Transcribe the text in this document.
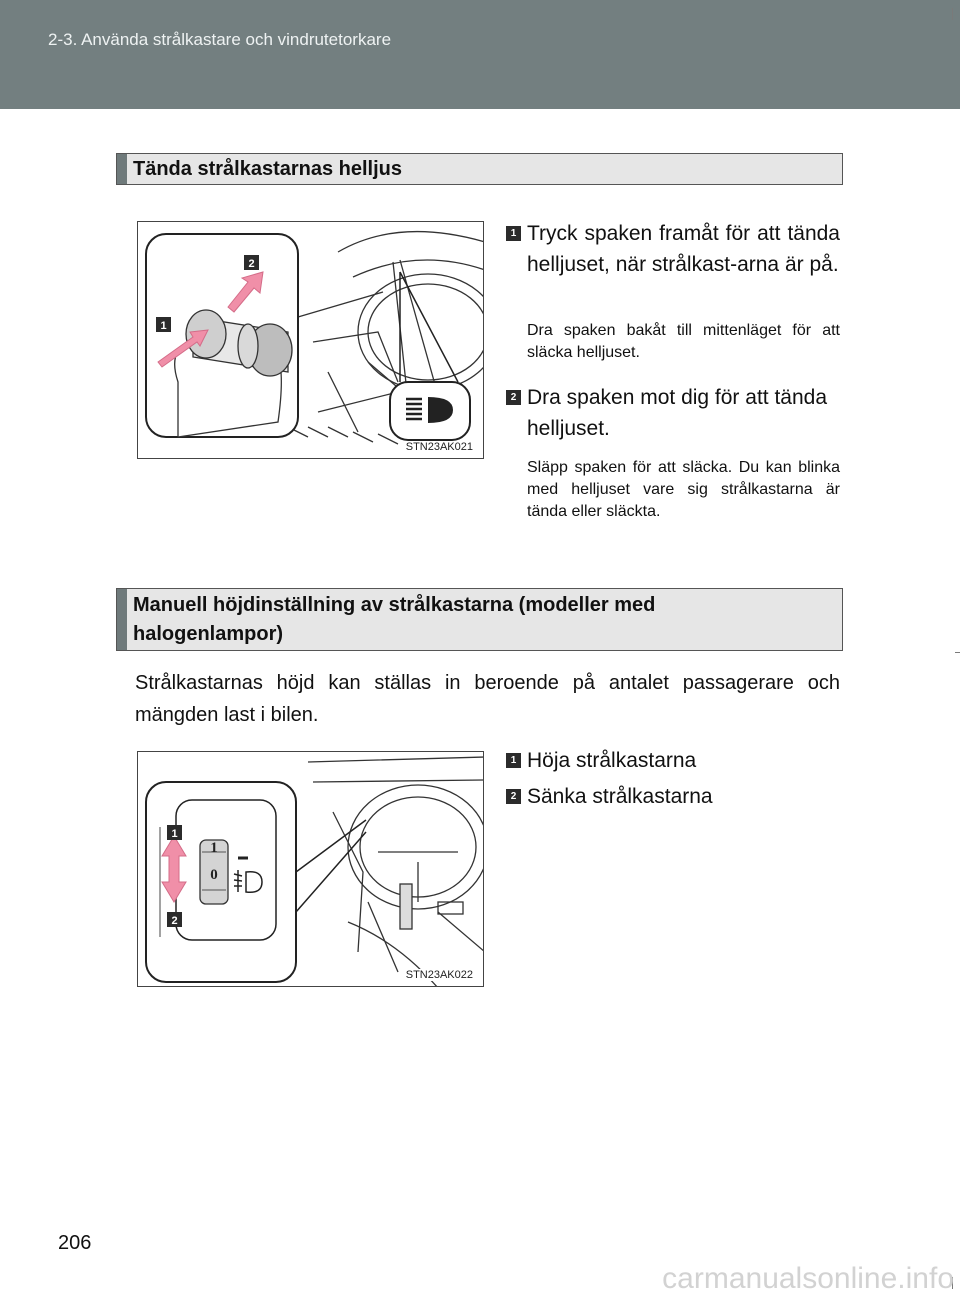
2-3. Använda strålkastare och vindrutetorkare
Tända strålkastarnas helljus
2
1
STN23AK021
1 Tryck spaken framåt för att tända helljuset, när strålkast-arna är på.
Dra spaken bakåt till mittenläget för att släcka helljuset.
2 Dra spaken mot dig för att tända helljuset.
Släpp spaken för att släcka. Du kan blinka med helljuset vare sig strålkastarna är tända eller släckta.
Manuell höjdinställning av strålkastarna (modeller med halogenlampor)
Strålkastarnas höjd kan ställas in beroende på antalet passagerare och mängden last i bilen.
1
0
1
2
STN23AK022
1 Höja strålkastarna
2 Sänka strålkastarna
206
carmanualsonline.info
